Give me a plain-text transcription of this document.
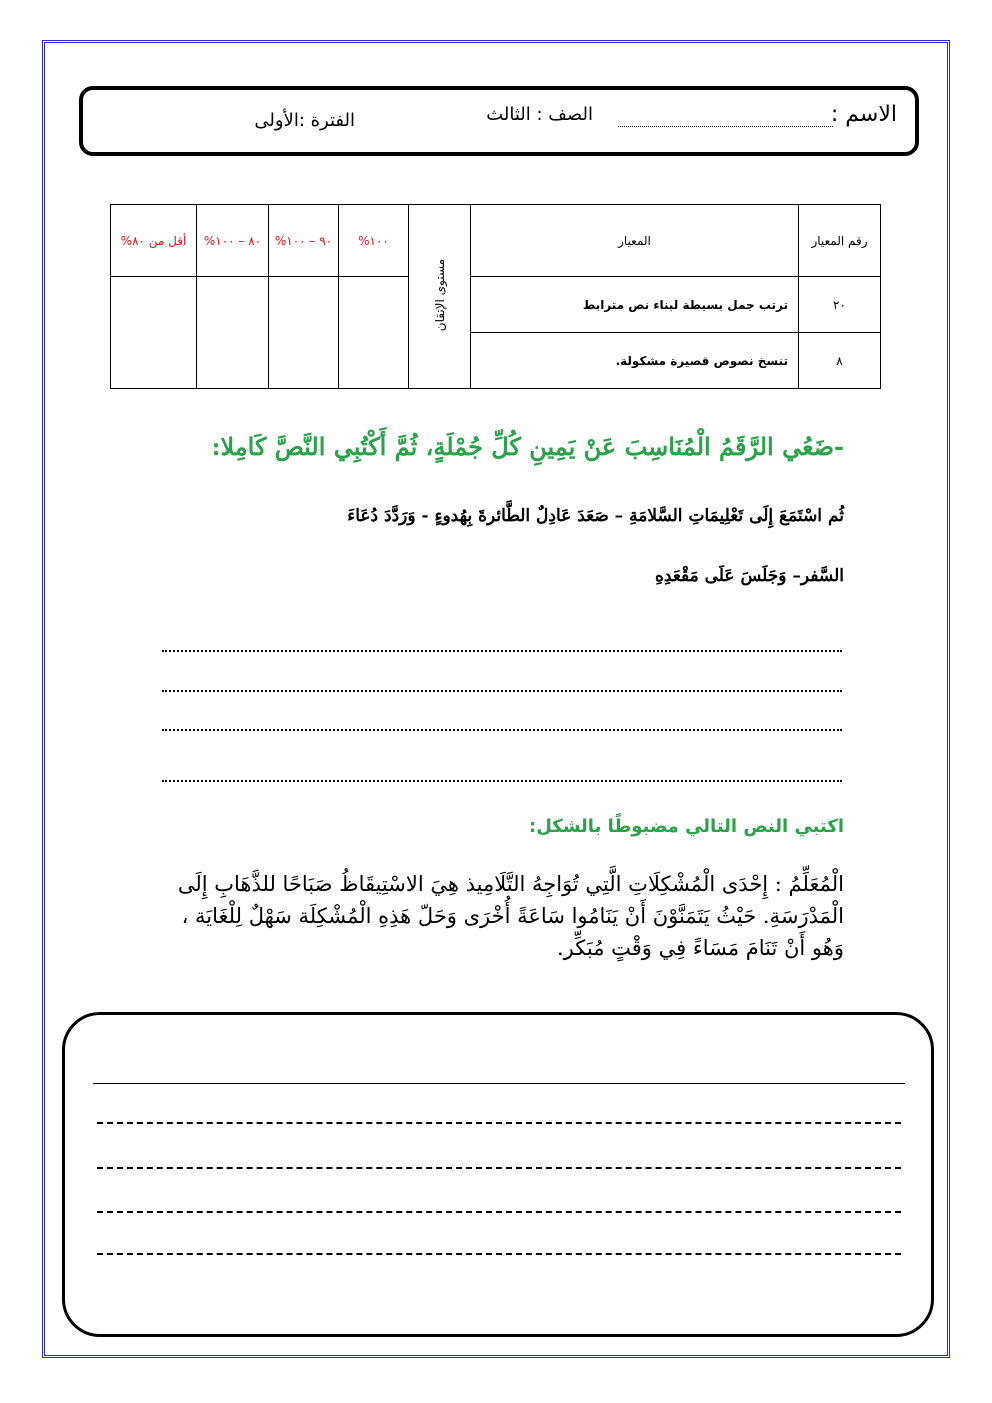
الاسم :
الصف : الثالث
الفترة :الأولى
رقم المعيار	المعيار	مستوى الإتقان	١٠٠%	٩٠ – ١٠٠%	٨٠ – ١٠٠%	أقل من ٨٠%
٢٠	ترتب جمل بسيطة لبناء نص مترابط					
٨	تنسخ نصوص قصيرة مشكولة.					
-ضَعُي الرَّقَمُ الْمُنَاسِبَ عَنْ يَمِينِ كُلِّ جُمْلَةٍ، ثُمَّ أَكْتُبِي النَّصَّ كَامِلا:
ثُم اسْتَمَعَ إِلَى تَعْلِيمَاتِ السَّلامَةِ – صَعَدَ عَادِلٌ الطَّائرةَ بِهُدوءٍ - وَرَدَّدَ دُعَاءَ
السَّفر– وَجَلَسَ عَلَى مَقْعَدِهِ
اكتبي النص التالي مضبوطًا بالشكل:
الْمُعَلِّمُ : إِحْدَى الْمُشْكِلَاتِ الَّتِي تُوَاجِهُ التَّلَامِيذ هِيَ الاسْتِيقَاظُ صَبَاحًا للذَّهَابِ إِلَى الْمَدْرَسَةِ. حَيْثُ يَتَمَنَّوْنَ أَنْ يَنَامُوا سَاعَةً أُخْرَى وَحَلّ هَذِهِ الْمُشْكِلَة سَهْلٌ لِلْغَايَة ، وَهُو أَنْ تَنَامَ مَسَاءً فِي وَقْتٍ مُبَكِّر.
